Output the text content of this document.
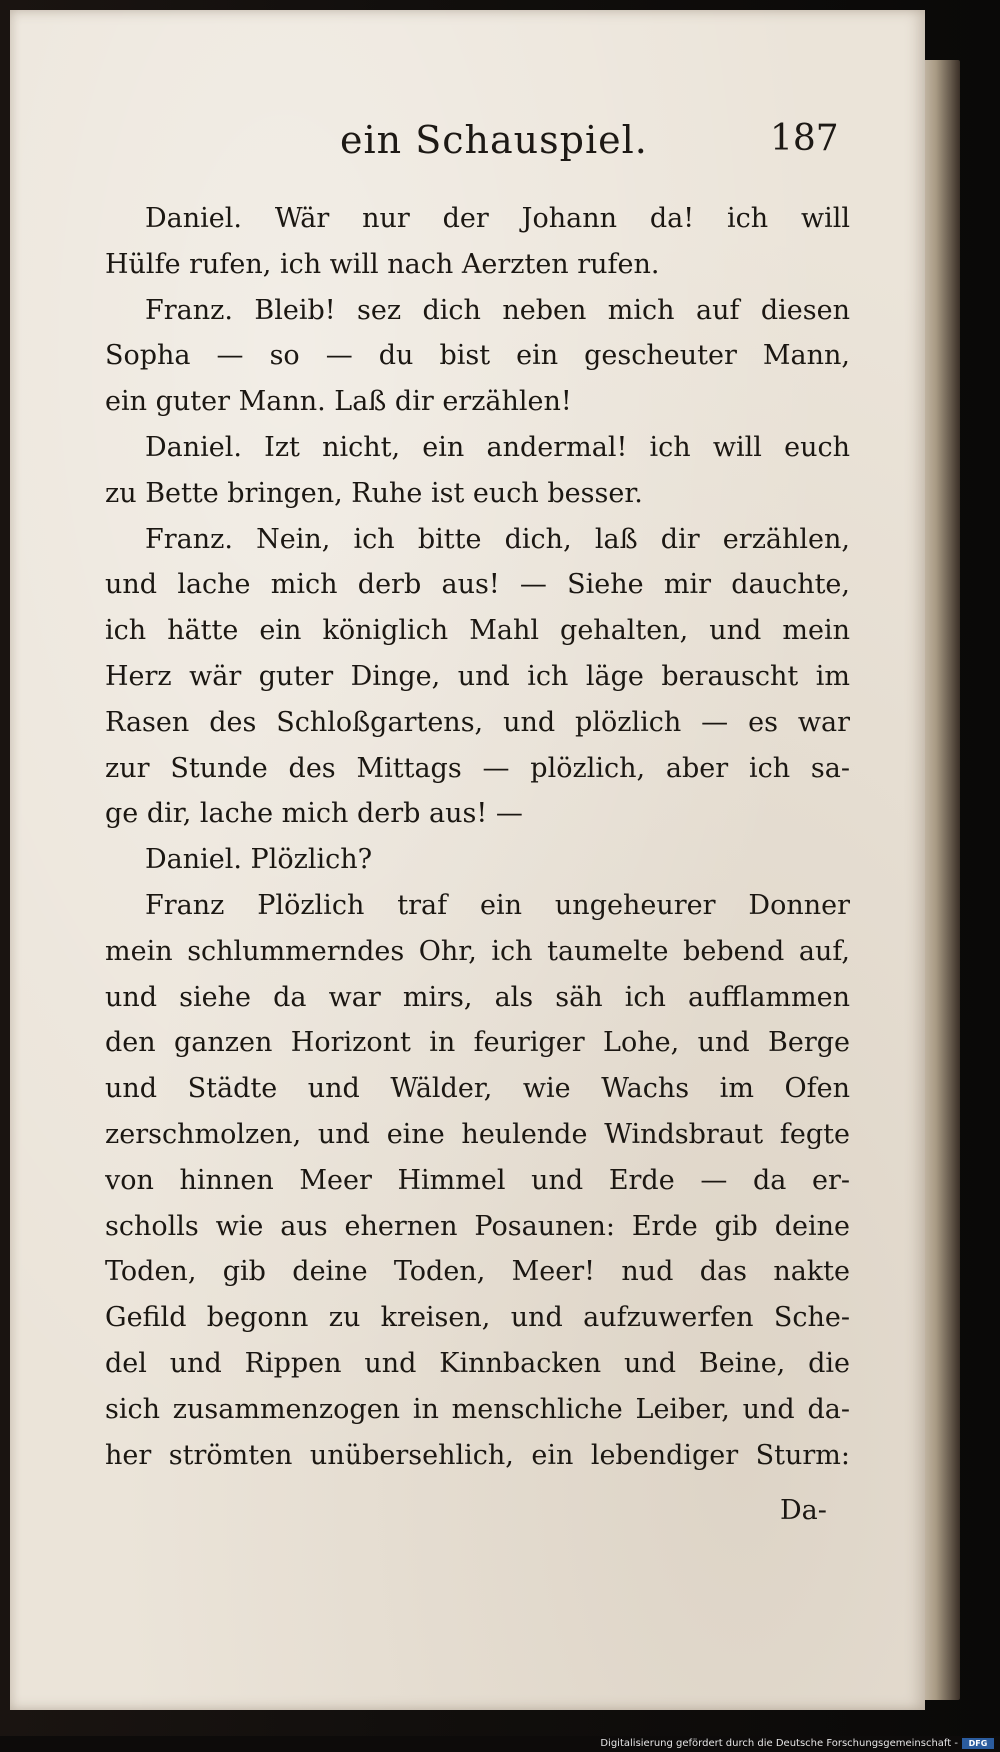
ein Schauspiel.	187
Daniel. Wär nur der Johann da! ich will
Hülfe rufen, ich will nach Aerzten rufen.
Franz. Bleib! sez dich neben mich auf diesen
Sopha — so — du bist ein gescheuter Mann,
ein guter Mann. Laß dir erzählen!
Daniel. Izt nicht, ein andermal! ich will euch
zu Bette bringen, Ruhe ist euch besser.
Franz. Nein, ich bitte dich, laß dir erzählen,
und lache mich derb aus! — Siehe mir dauchte,
ich hätte ein königlich Mahl gehalten, und mein
Herz wär guter Dinge, und ich läge berauscht im
Rasen des Schloßgartens, und plözlich — es war
zur Stunde des Mittags — plözlich, aber ich sa-
ge dir, lache mich derb aus! —
Daniel. Plözlich?
Franz Plözlich traf ein ungeheurer Donner
mein schlummerndes Ohr, ich taumelte bebend auf,
und siehe da war mirs, als säh ich aufflammen
den ganzen Horizont in feuriger Lohe, und Berge
und Städte und Wälder, wie Wachs im Ofen
zerschmolzen, und eine heulende Windsbraut fegte
von hinnen Meer Himmel und Erde — da er-
scholls wie aus ehernen Posaunen: Erde gib deine
Toden, gib deine Toden, Meer! nud das nakte
Gefild begonn zu kreisen, und aufzuwerfen Sche-
del und Rippen und Kinnbacken und Beine, die
sich zusammenzogen in menschliche Leiber, und da-
her strömten unübersehlich, ein lebendiger Sturm:
Da-
Digitalisierung gefördert durch die Deutsche Forschungsgemeinschaft -	DFG
